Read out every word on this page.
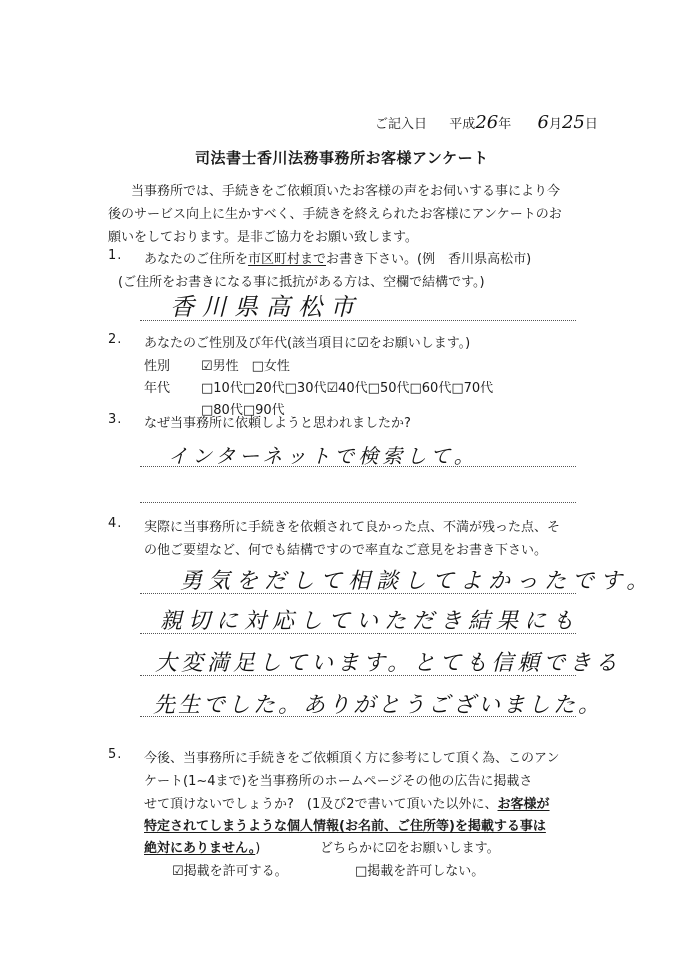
ご記入日 平成26年 6月25日
司法書士香川法務事務所お客様アンケート
当事務所では、手続きをご依頼頂いたお客様の声をお伺いする事により今
後のサービス向上に生かすべく、手続きを終えられたお客様にアンケートのお
願いをしております。是非ご協力をお願い致します。
1. あなたのご住所を市区町村までお書き下さい。(例　香川県高松市)
(ご住所をお書きになる事に抵抗がある方は、空欄で結構です。)
香川県高松市
2. あなたのご性別及び年代(該当項目に☑をお願いします。)
性別 ☑男性　□女性
年代 □10代□20代□30代☑40代□50代□60代□70代
□80代□90代
3. なぜ当事務所に依頼しようと思われましたか?
インターネットで検索して。
4. 実際に当事務所に手続きを依頼されて良かった点、不満が残った点、そ
の他ご要望など、何でも結構ですので率直なご意見をお書き下さい。
勇気をだして相談してよかったです。
親切に対応していただき結果にも
大変満足しています。とても信頼できる
先生でした。ありがとうございました。
5. 今後、当事務所に手続きをご依頼頂く方に参考にして頂く為、このアン
ケート(1~4まで)を当事務所のホームページその他の広告に掲載さ
せて頂けないでしょうか?　(1及び2で書いて頂いた以外に、お客様が
特定されてしまうような個人情報(お名前、ご住所等)を掲載する事は
絶対にありません。)	どちらかに☑をお願いします。
☑掲載を許可する。	□掲載を許可しない。
